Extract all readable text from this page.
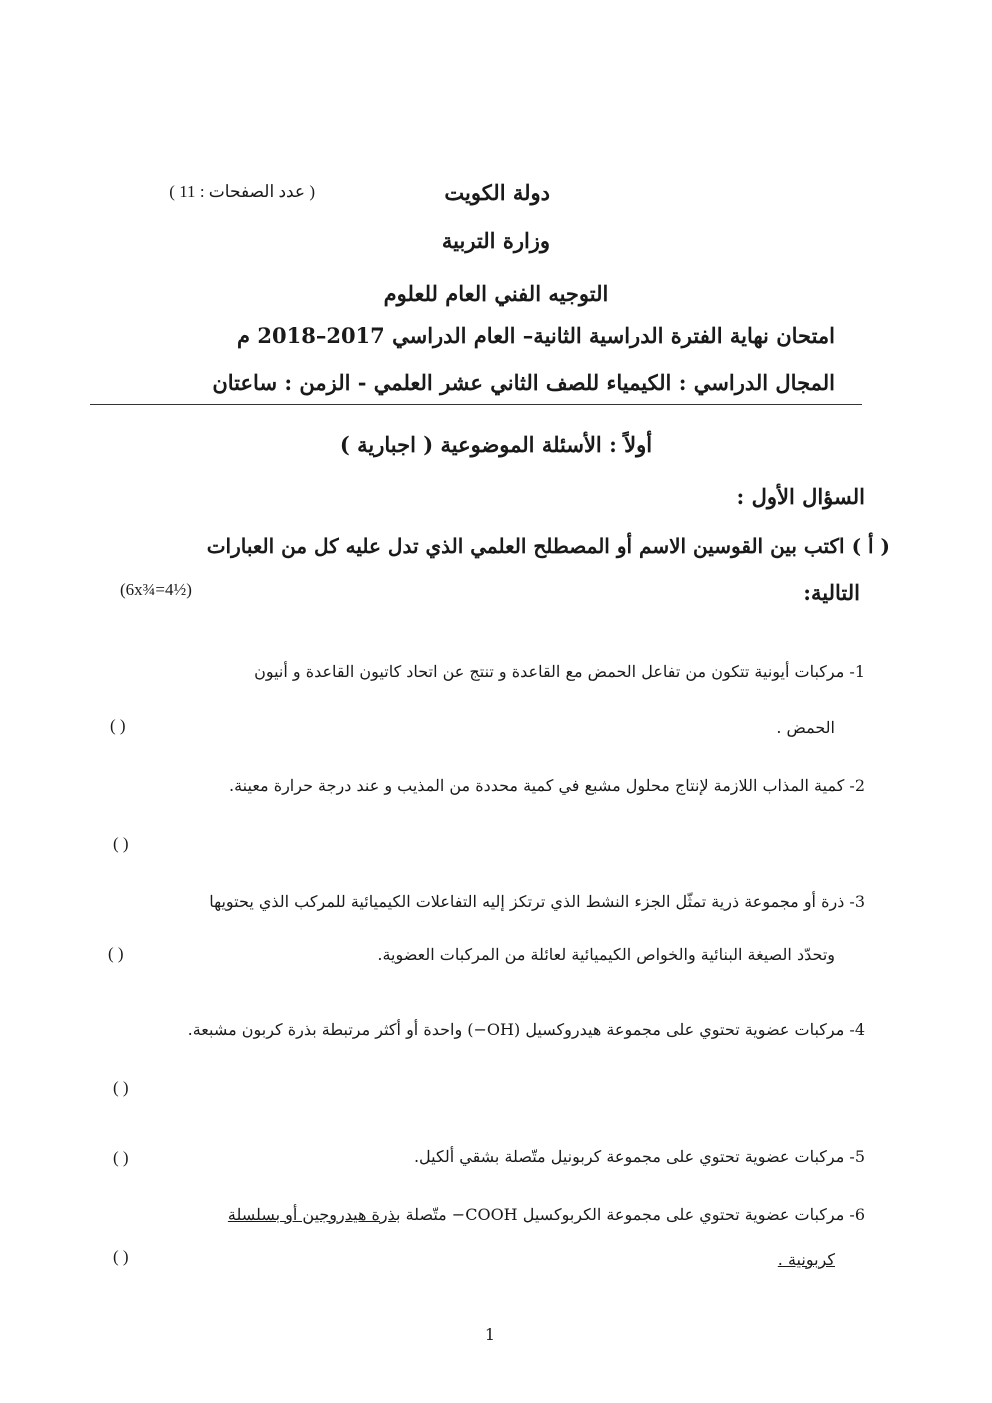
دولة الكويت
( عدد الصفحات : 11 )
وزارة التربية
التوجيه الفني العام للعلوم
امتحان نهاية الفترة الدراسية الثانية– العام الدراسي 2017–2018 م
المجال الدراسي : الكيمياء للصف الثاني عشر العلمي - الزمن : ساعتان
أولاً : الأسئلة الموضوعية ( اجبارية )
السؤال الأول :
( أ ) اكتب بين القوسين الاسم أو المصطلح العلمي الذي تدل عليه كل من العبارات
التالية:
(6x¾=4½)
1- مركبات أيونية تتكون من تفاعل الحمض مع القاعدة و تنتج عن اتحاد كاتيون القاعدة و أنيون
الحمض .
( )
2- كمية المذاب اللازمة لإنتاج محلول مشبع في كمية محددة من المذيب و عند درجة حرارة معينة.
( )
3- ذرة أو مجموعة ذرية تمثّل الجزء النشط الذي ترتكز إليه التفاعلات الكيميائية للمركب الذي يحتويها
وتحدّد الصيغة البنائية والخواص الكيميائية لعائلة من المركبات العضوية.
( )
4- مركبات عضوية تحتوي على مجموعة هيدروكسيل (OH−) واحدة أو أكثر مرتبطة بذرة كربون مشبعة.
( )
5- مركبات عضوية تحتوي على مجموعة كربونيل متّصلة بشقي ألكيل.
( )
6- مركبات عضوية تحتوي على مجموعة الكربوكسيل COOH− متّصلة بذرة هيدروجين أو بسلسلة
كربونية .
( )
1
